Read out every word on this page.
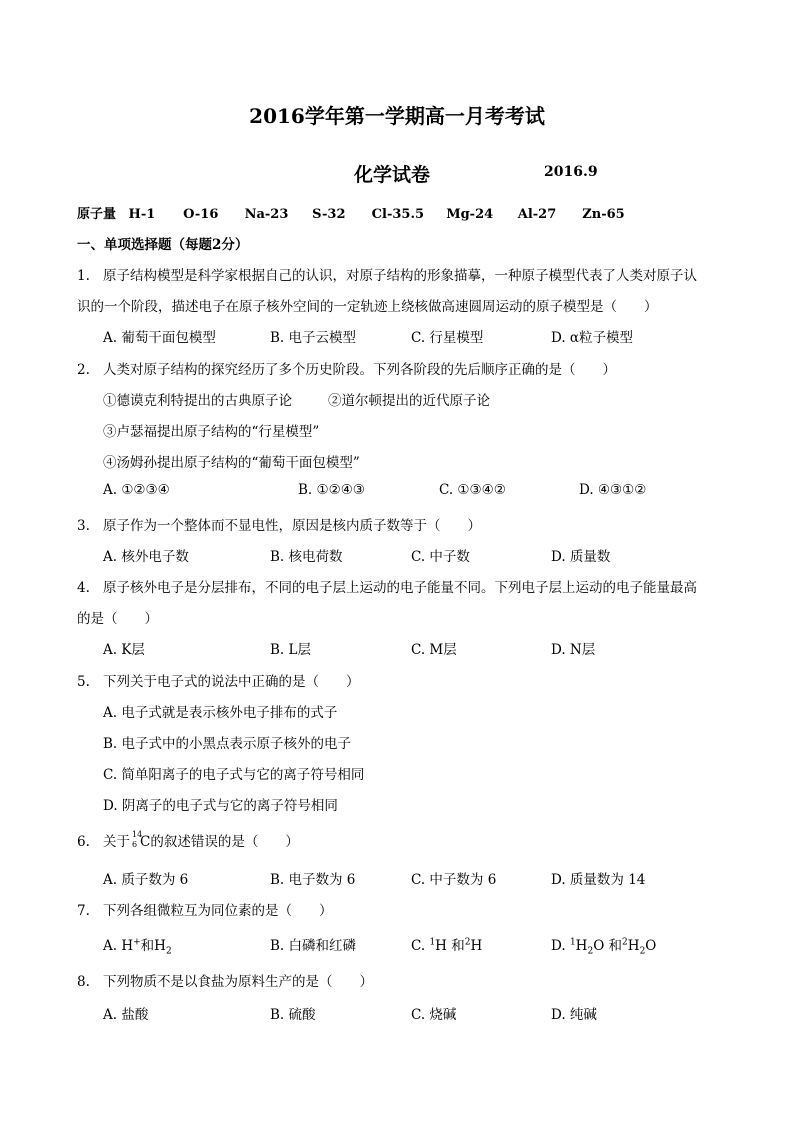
2016学年第一学期高一月考考试
化学试卷	2016.9
原子量 H-1 O-16 Na-23 S-32 Cl-35.5 Mg-24 Al-27 Zn-65
一、单项选择题（每题2分）
1. 原子结构模型是科学家根据自己的认识，对原子结构的形象描摹，一种原子模型代表了人类对原子认
识的一个阶段，描述电子在原子核外空间的一定轨迹上绕核做高速圆周运动的原子模型是（　　）
A. 葡萄干面包模型	B. 电子云模型	C. 行星模型	D. α粒子模型
2. 人类对原子结构的探究经历了多个历史阶段。下列各阶段的先后顺序正确的是（　　）
①德谟克利特提出的古典原子论	②道尔顿提出的近代原子论
③卢瑟福提出原子结构的“行星模型”
④汤姆孙提出原子结构的“葡萄干面包模型”
A. ①②③④	B. ①②④③	C. ①③④②	D. ④③①②
3. 原子作为一个整体而不显电性，原因是核内质子数等于（　　）
A. 核外电子数	B. 核电荷数	C. 中子数	D. 质量数
4. 原子核外电子是分层排布，不同的电子层上运动的电子能量不同。下列电子层上运动的电子能量最高
的是（　　）
A. K层	B. L层	C. M层	D. N层
5. 下列关于电子式的说法中正确的是（　　）
A. 电子式就是表示核外电子排布的式子
B. 电子式中的小黑点表示原子核外的电子
C. 简单阳离子的电子式与它的离子符号相同
D. 阴离子的电子式与它的离子符号相同
6. 关于 14
6 C的叙述错误的是（　　）
A. 质子数为 6	B. 电子数为 6	C. 中子数为 6	D. 质量数为 14
7. 下列各组微粒互为同位素的是（　　）
A. H+和$H_2$	B. 白磷和红磷	C. $^1$H 和$^2$H	D. $^1H_2O$ 和$^2H_2O$
8. 下列物质不是以食盐为原料生产的是（　　）
A. 盐酸	B. 硫酸	C. 烧碱	D. 纯碱
